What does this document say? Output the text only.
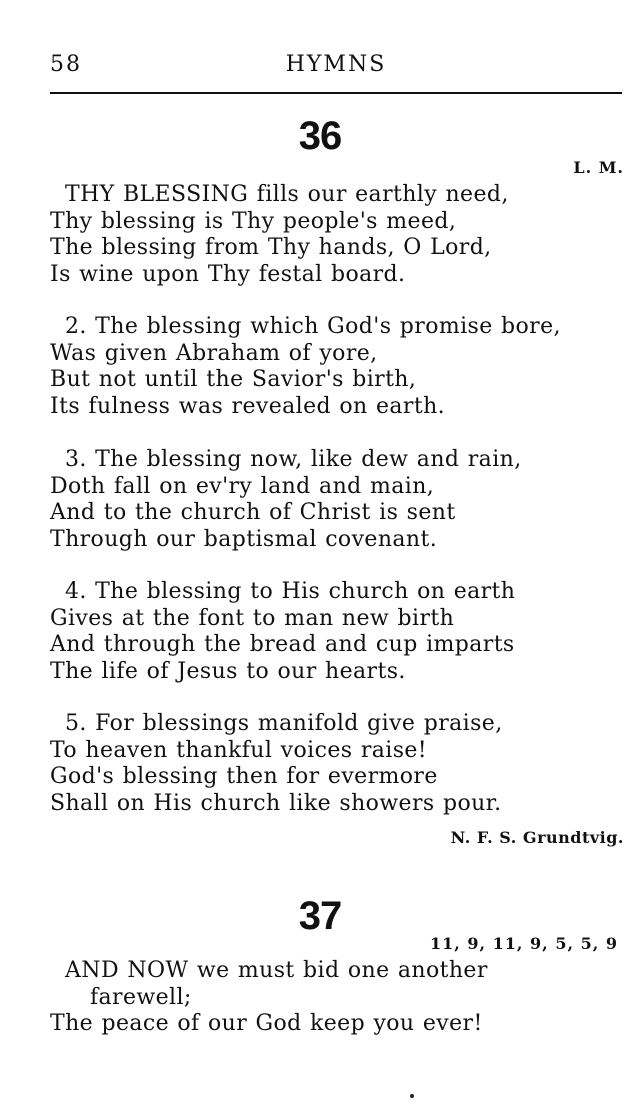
58	HYMNS
36
L. M.
THY BLESSING fills our earthly need,
Thy blessing is Thy people's meed,
The blessing from Thy hands, O Lord,
Is wine upon Thy festal board.
2. The blessing which God's promise bore,
Was given Abraham of yore,
But not until the Savior's birth,
Its fulness was revealed on earth.
3. The blessing now, like dew and rain,
Doth fall on ev'ry land and main,
And to the church of Christ is sent
Through our baptismal covenant.
4. The blessing to His church on earth
Gives at the font to man new birth
And through the bread and cup imparts
The life of Jesus to our hearts.
5. For blessings manifold give praise,
To heaven thankful voices raise!
God's blessing then for evermore
Shall on His church like showers pour.
N. F. S. Grundtvig.
37
11, 9, 11, 9, 5, 5, 9
AND NOW we must bid one another
farewell;
The peace of our God keep you ever!
